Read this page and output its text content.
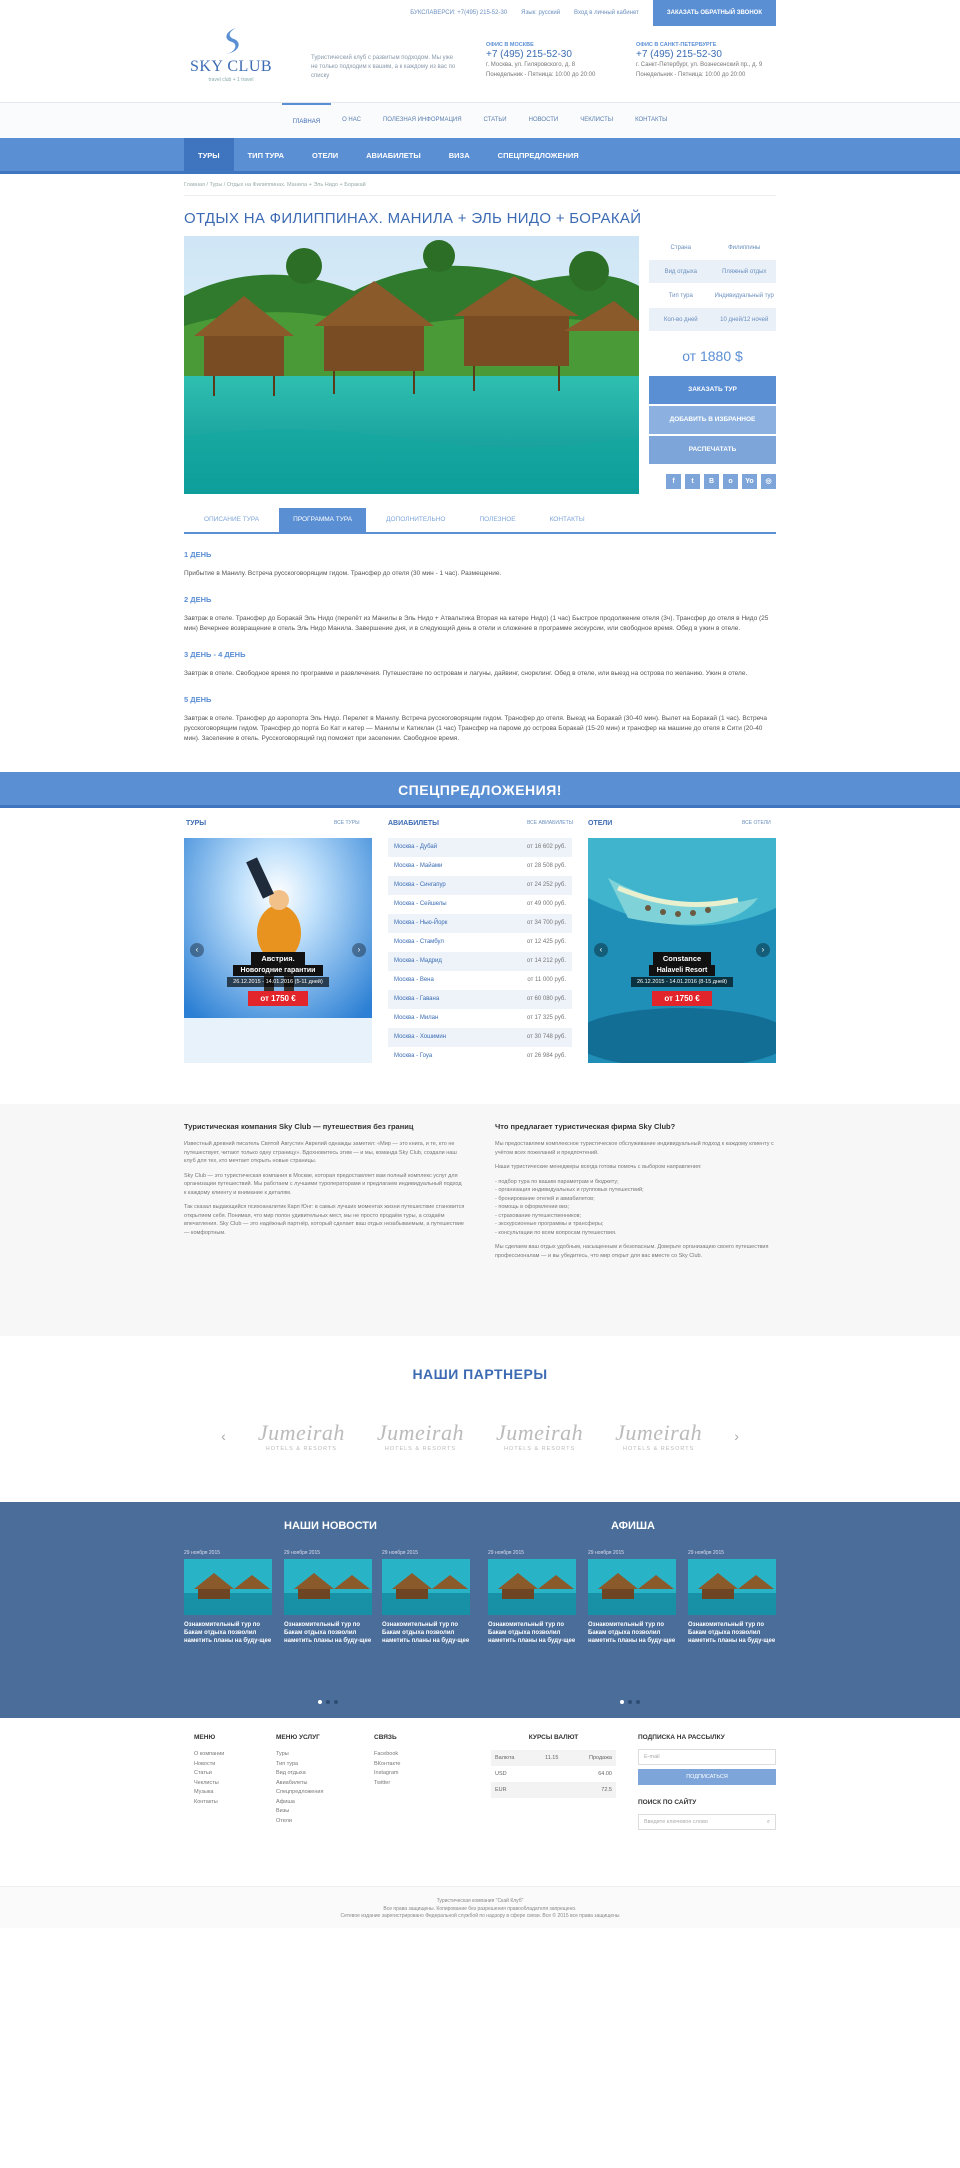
БУКСЛАВЕРСИ: +7(495) 215-52-30 Язык: русский Вход в личный кабинет	ЗАКАЗАТЬ ОБРАТНЫЙ ЗВОНОК
SKY CLUB
travel club + 1 travel
Туристический клуб с развитым подходом. Мы уже не только подходим к вашим, а к каждому из вас по списку
ОФИС В МОСКВЕ
+7 (495) 215-52-30
г. Москва, ул. Гиляровского, д. 8
Понедельник - Пятница: 10:00 до 20:00
ОФИС В САНКТ-ПЕТЕРБУРГЕ
+7 (495) 215-52-30
г. Санкт-Петербург, ул. Вознесенский пр., д. 9
Понедельник - Пятница: 10:00 до 20:00
ГЛАВНАЯ	О НАС	ПОЛЕЗНАЯ ИНФОРМАЦИЯ	СТАТЬИ	НОВОСТИ	ЧЕКЛИСТЫ	КОНТАКТЫ
ТУРЫ	ТИП ТУРА	ОТЕЛИ	АВИАБИЛЕТЫ	ВИЗА	СПЕЦПРЕДЛОЖЕНИЯ
Главная / Туры / Отдых на Филиппинах. Манила + Эль Нидо + Боракай
ОТДЫХ НА ФИЛИППИНАХ. МАНИЛА + ЭЛЬ НИДО + БОРАКАЙ
Страна	Филиппины
Вид отдыха	Пляжный отдых
Тип тура	Индивидуальный тур
Кол-во дней	10 дней/12 ночей
от 1880 $
ЗАКАЗАТЬ ТУР
ДОБАВИТЬ В ИЗБРАННОЕ
РАСПЕЧАТАТЬ
f	t	В	о	Yo	◎
ОПИСАНИЕ ТУРА	ПРОГРАММА ТУРА	ДОПОЛНИТЕЛЬНО	ПОЛЕЗНОЕ	КОНТАКТЫ
1 ДЕНЬ
Прибытие в Манилу. Встреча русскоговорящим гидом. Трансфер до отеля (30 мин - 1 час). Размещение.
2 ДЕНЬ
Завтрак в отеле. Трансфер до Боракай Эль Нидо (перелёт из Манилы в Эль Нидо + Атвальтика Вторая на катере Нидо) (1 час) Быстрое продолжение отеля (3ч). Трансфер до отеля в Нидо (25 мин) Вечернее возвращение в отель Эль Нидо Манила. Завершение дня, и в следующий день в отели и сложение в программе экскурсии, или свободное время. Обед в ужин в отеле.
3 ДЕНЬ - 4 ДЕНЬ
Завтрак в отеле. Свободное время по программе и развлечения. Путешествие по островам и лагуны, дайвинг, снорклинг. Обед в отеле, или выезд на острова по желанию. Ужин в отеле.
5 ДЕНЬ
Завтрак в отеле. Трансфер до аэропорта Эль Нидо. Перелет в Манилу. Встреча русскоговорящим гидом. Трансфер до отеля. Выезд на Боракай (30-40 мин). Вылет на Боракай (1 час). Встреча русскоговорящим гидом. Трансфер до порта Бо Кат и катер — Манилы и Катиклан (1 час) Трансфер на пароме до острова Боракай (15-20 мин) и трансфер на машине до отеля в Сити (20-40 мин). Заселение в отель. Русскоговорящий гид поможет при заселении. Свободное время.
СПЕЦПРЕДЛОЖЕНИЯ!
ТУРЫ	ВСЕ ТУРЫ
‹	›
Австрия.
Новогодние гарантии
26.12.2015 - 14.01.2016 (5-11 дней)
от 1750 €
АВИАБИЛЕТЫ	ВСЕ АВИАБИЛЕТЫ
Москва - Дубай	от 16 602 руб.
Москва - Майами	от 28 508 руб.
Москва - Сингапур	от 24 252 руб.
Москва - Сейшелы	от 49 000 руб.
Москва - Нью-Йорк	от 34 700 руб.
Москва - Стамбул	от 12 425 руб.
Москва - Мадрид	от 14 212 руб.
Москва - Вена	от 11 000 руб.
Москва - Гавана	от 60 080 руб.
Москва - Милан	от 17 325 руб.
Москва - Хошимин	от 30 748 руб.
Москва - Гоуа	от 26 984 руб.
ОТЕЛИ	ВСЕ ОТЕЛИ
‹	›
Constance
Halaveli Resort
26.12.2015 - 14.01.2016 (8-15 дней)
от 1750 €
Туристическая компания Sky Club — путешествия без границ
Известный древний писатель Святой Августин Аврелий однажды заметил: «Мир — это книга, и те, кто не путешествует, читают только одну страницу». Вдохновитесь этим — и мы, команда Sky Club, создали наш клуб для тех, кто мечтает открыть новые страницы.
Sky Club — это туристическая компания в Москве, которая предоставляет вам полный комплекс услуг для организации путешествий. Мы работаем с лучшими туроператорами и предлагаем индивидуальный подход к каждому клиенту и внимание к деталям.
Так сказал выдающийся психоаналитик Карл Юнг: в самых лучших моментах жизни путешествие становится открытием себя. Понимая, что мир полон удивительных мест, мы не просто продаём туры, а создаём впечатления. Sky Club — это надёжный партнёр, который сделает ваш отдых незабываемым, а путешествие — комфортным.
Что предлагает туристическая фирма Sky Club?
Мы предоставляем комплексное туристическое обслуживание индивидуальный подход к каждому клиенту с учётом всех пожеланий и предпочтений.
Наши туристические менеджеры всегда готовы помочь с выбором направления:
- подбор тура по вашим параметрам и бюджету;
- организация индивидуальных и групповых путешествий;
- бронирование отелей и авиабилетов;
- помощь в оформлении виз;
- страхование путешественников;
- экскурсионные программы и трансферы;
- консультации по всем вопросам путешествия.
Мы сделаем ваш отдых удобным, насыщенным и безопасным. Доверьте организацию своего путешествия профессионалам — и вы убедитесь, что мир открыт для вас вместе со Sky Club.
НАШИ ПАРТНЕРЫ
‹ Jumeirah
HOTELS & RESORTS
Jumeirah
HOTELS & RESORTS
Jumeirah
HOTELS & RESORTS
Jumeirah
HOTELS & RESORTS
›
НАШИ НОВОСТИ	АФИША
29 ноября 2015
Ознакомительный тур по Бакам отдыха позволил наметить планы на буду-щее
29 ноября 2015
Ознакомительный тур по Бакам отдыха позволил наметить планы на буду-щее
29 ноября 2015
Ознакомительный тур по Бакам отдыха позволил наметить планы на буду-щее
29 ноября 2015
Ознакомительный тур по Бакам отдыха позволил наметить планы на буду-щее
29 ноября 2015
Ознакомительный тур по Бакам отдыха позволил наметить планы на буду-щее
29 ноября 2015
Ознакомительный тур по Бакам отдыха позволил наметить планы на буду-щее
МЕНЮ
О компании
Новости
Статьи
Чеклисты
Музыка
Контакты
МЕНЮ УСЛУГ
Туры
Тип тура
Вид отдыха
Авиабилеты
Спецпредложения
Афиша
Визы
Отели
СВЯЗЬ
Facebook
ВКонтакте
Instagram
Twitter
КУРСЫ ВАЛЮТ
Валюта	11.15	Продажа
USD	64.00
EUR	72.5
ПОДПИСКА НА РАССЫЛКУ
E-mail
ПОДПИСАТЬСЯ
ПОИСК ПО САЙТУ
Введите ключевое слово	⌕
Туристическая компания "Скай Клуб"
Все права защищены. Копирование без разрешения правообладателя запрещено.
Сетевое издание зарегистрировано Федеральной службой по надзору в сфере связи. Все © 2015 все права защищены
